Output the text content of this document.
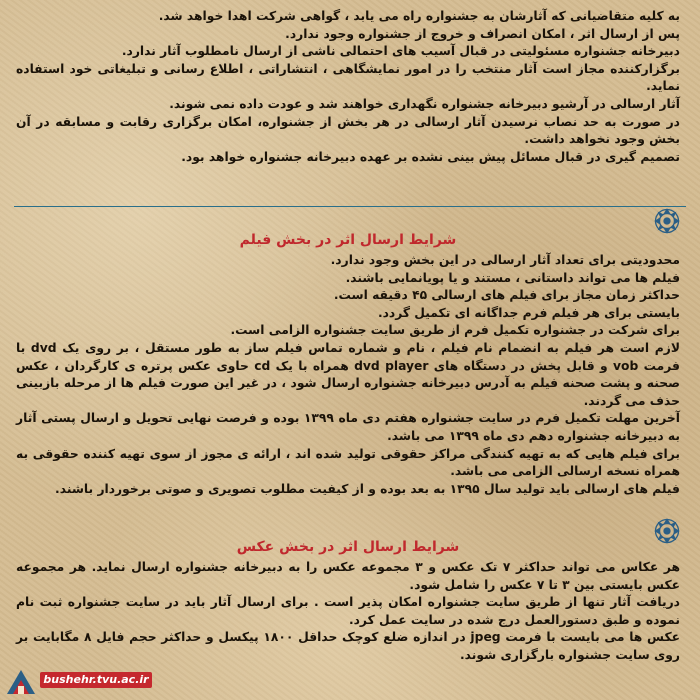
به کلیه متقاضیانی که آثارشان به جشنواره راه می یابد ، گواهی شرکت اهدا خواهد شد.

پس از ارسال اثر ، امکان انصراف و خروج از جشنواره وجود ندارد.

دبیرخانه جشنواره مسئولیتی در قبال آسیب های احتمالی ناشی از ارسال نامطلوب آثار ندارد.

برگزارکننده مجاز است آثار منتخب را در امور نمایشگاهی ، انتشاراتی ، اطلاع رسانی و تبلیغاتی خود استفاده نماید.

آثار ارسالی در آرشیو دبیرخانه جشنواره نگهداری خواهند شد و عودت داده نمی شوند.

در صورت به حد نصاب نرسیدن آثار ارسالی در هر بخش از جشنواره، امکان برگزاری رقابت و مسابقه در آن بخش وجود نخواهد داشت.

تصمیم گیری در قبال مسائل پیش بینی نشده بر عهده دبیرخانه جشنواره خواهد بود.

شرایط ارسال اثر در بخش فیلم

محدودیتی برای تعداد آثار ارسالی در این بخش وجود ندارد.

فیلم ها می تواند داستانی ، مستند و یا پویانمایی باشند.

حداکثر زمان مجاز برای فیلم های ارسالی ۴۵ دقیقه است.

بایستی برای هر فیلم فرم جداگانه ای تکمیل گردد.

برای شرکت در جشنواره تکمیل فرم از طریق سایت جشنواره الزامی است.

لازم است هر فیلم به انضمام نام فیلم ، نام و شماره تماس فیلم ساز به طور مستقل ، بر روی یک dvd با فرمت vob و قابل پخش در دستگاه های dvd player همراه با یک cd حاوی عکس پرتره ی کارگردان ، عکس صحنه و پشت صحنه فیلم به آدرس دبیرخانه جشنواره ارسال شود ، در غیر این صورت فیلم ها از مرحله بازبینی حذف می گردند.

آخرین مهلت تکمیل فرم در سایت جشنواره هفتم دی ماه ۱۳۹۹ بوده و فرصت نهایی تحویل و ارسال پستی آثار به دبیرخانه جشنواره دهم دی ماه ۱۳۹۹ می باشد.

برای فیلم هایی که به تهیه کنندگی مراکز حقوقی تولید شده اند ، ارائه ی مجوز از سوی تهیه کننده حقوقی به همراه نسخه ارسالی الزامی می باشد.

فیلم های ارسالی باید تولید سال ۱۳۹۵ به بعد بوده و از کیفیت مطلوب تصویری و صوتی برخوردار باشند.

شرایط ارسال اثر در بخش عکس

هر عکاس می تواند حداکثر ۷ تک عکس و ۳ مجموعه عکس را به دبیرخانه جشنواره ارسال نماید. هر مجموعه عکس بایستی بین ۳ تا ۷ عکس را شامل شود.

دریافت آثار تنها از طریق سایت جشنواره امکان پذیر است . برای ارسال آثار باید در سایت جشنواره ثبت نام نموده و طبق دستورالعمل درج شده در سایت عمل کرد.

عکس ها می بایست با فرمت jpeg در اندازه ضلع کوچک حداقل ۱۸۰۰ پیکسل و حداکثر حجم فایل ۸ مگابایت بر روی سایت جشنواره بارگزاری شوند.

bushehr.tvu.ac.ir
